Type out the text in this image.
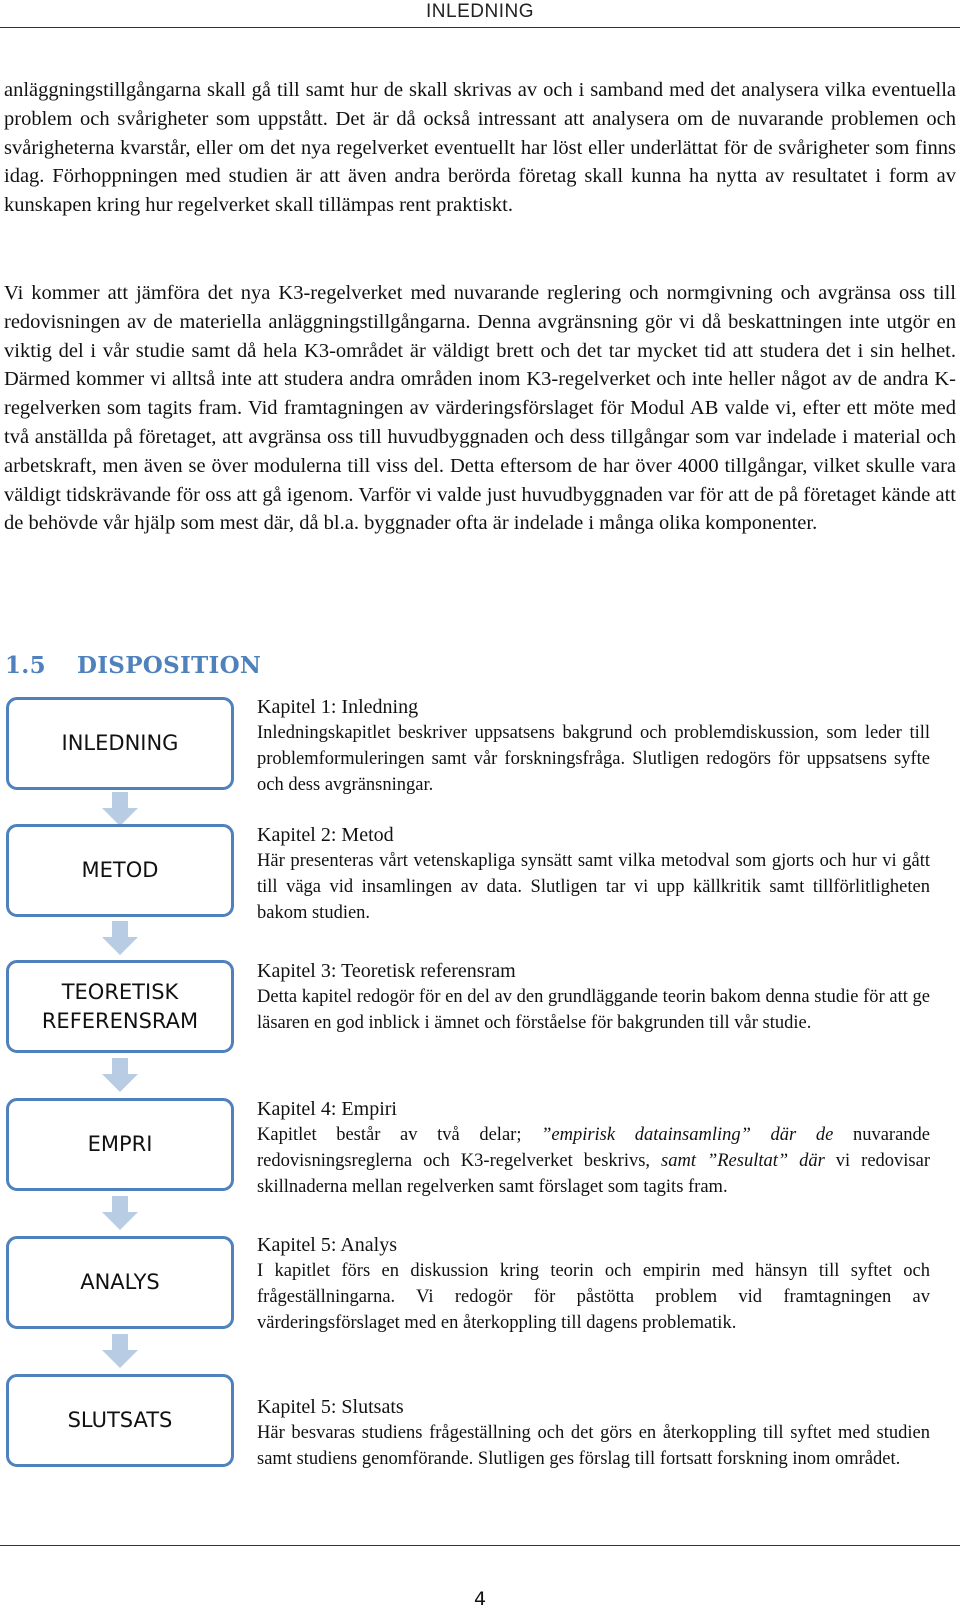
INLEDNING

anläggningstillgångarna skall gå till samt hur de skall skrivas av och i samband med det analysera vilka eventuella problem och svårigheter som uppstått. Det är då också intressant att analysera om de nuvarande problemen och svårigheterna kvarstår, eller om det nya regelverket eventuellt har löst eller underlättat för de svårigheter som finns idag. Förhoppningen med studien är att även andra berörda företag skall kunna ha nytta av resultatet i form av kunskapen kring hur regelverket skall tillämpas rent praktiskt.

Vi kommer att jämföra det nya K3-regelverket med nuvarande reglering och normgivning och avgränsa oss till redovisningen av de materiella anläggningstillgångarna. Denna avgränsning gör vi då beskattningen inte utgör en viktig del i vår studie samt då hela K3-området är väldigt brett och det tar mycket tid att studera det i sin helhet. Därmed kommer vi alltså inte att studera andra områden inom K3-regelverket och inte heller något av de andra K-regelverken som tagits fram. Vid framtagningen av värderingsförslaget för Modul AB valde vi, efter ett möte med två anställda på företaget, att avgränsa oss till huvudbyggnaden och dess tillgångar som var indelade i material och arbetskraft, men även se över modulerna till viss del. Detta eftersom de har över 4000 tillgångar, vilket skulle vara väldigt tidskrävande för oss att gå igenom. Varför vi valde just huvudbyggnaden var för att de på företaget kände att de behövde vår hjälp som mest där, då bl.a. byggnader ofta är indelade i många olika komponenter.

1.5 DISPOSITION
INLEDNING
METOD
TEORETISK
REFERENSRAM
EMPRI
ANALYS
SLUTSATS

Kapitel 1: Inledning

Inledningskapitlet beskriver uppsatsens bakgrund och problemdiskussion, som leder till problemformuleringen samt vår forskningsfråga. Slutligen redogörs för uppsatsens syfte och dess avgränsningar.

Kapitel 2: Metod

Här presenteras vårt vetenskapliga synsätt samt vilka metodval som gjorts och hur vi gått till väga vid insamlingen av data. Slutligen tar vi upp källkritik samt tillförlitligheten bakom studien.

Kapitel 3: Teoretisk referensram

Detta kapitel redogör för en del av den grundläggande teorin bakom denna studie för att ge läsaren en god inblick i ämnet och förståelse för bakgrunden till vår studie.

Kapitel 4: Empiri

Kapitlet består av två delar; ”empirisk datainsamling” där de nuvarande redovisningsreglerna och K3-regelverket beskrivs, samt ”Resultat” där vi redovisar skillnaderna mellan regelverken samt förslaget som tagits fram.

Kapitel 5: Analys

I kapitlet förs en diskussion kring teorin och empirin med hänsyn till syftet och frågeställningarna. Vi redogör för påstötta problem vid framtagningen av värderingsförslaget med en återkoppling till dagens problematik.

Kapitel 5: Slutsats

Här besvaras studiens frågeställning och det görs en återkoppling till syftet med studien samt studiens genomförande. Slutligen ges förslag till fortsatt forskning inom området.

4
